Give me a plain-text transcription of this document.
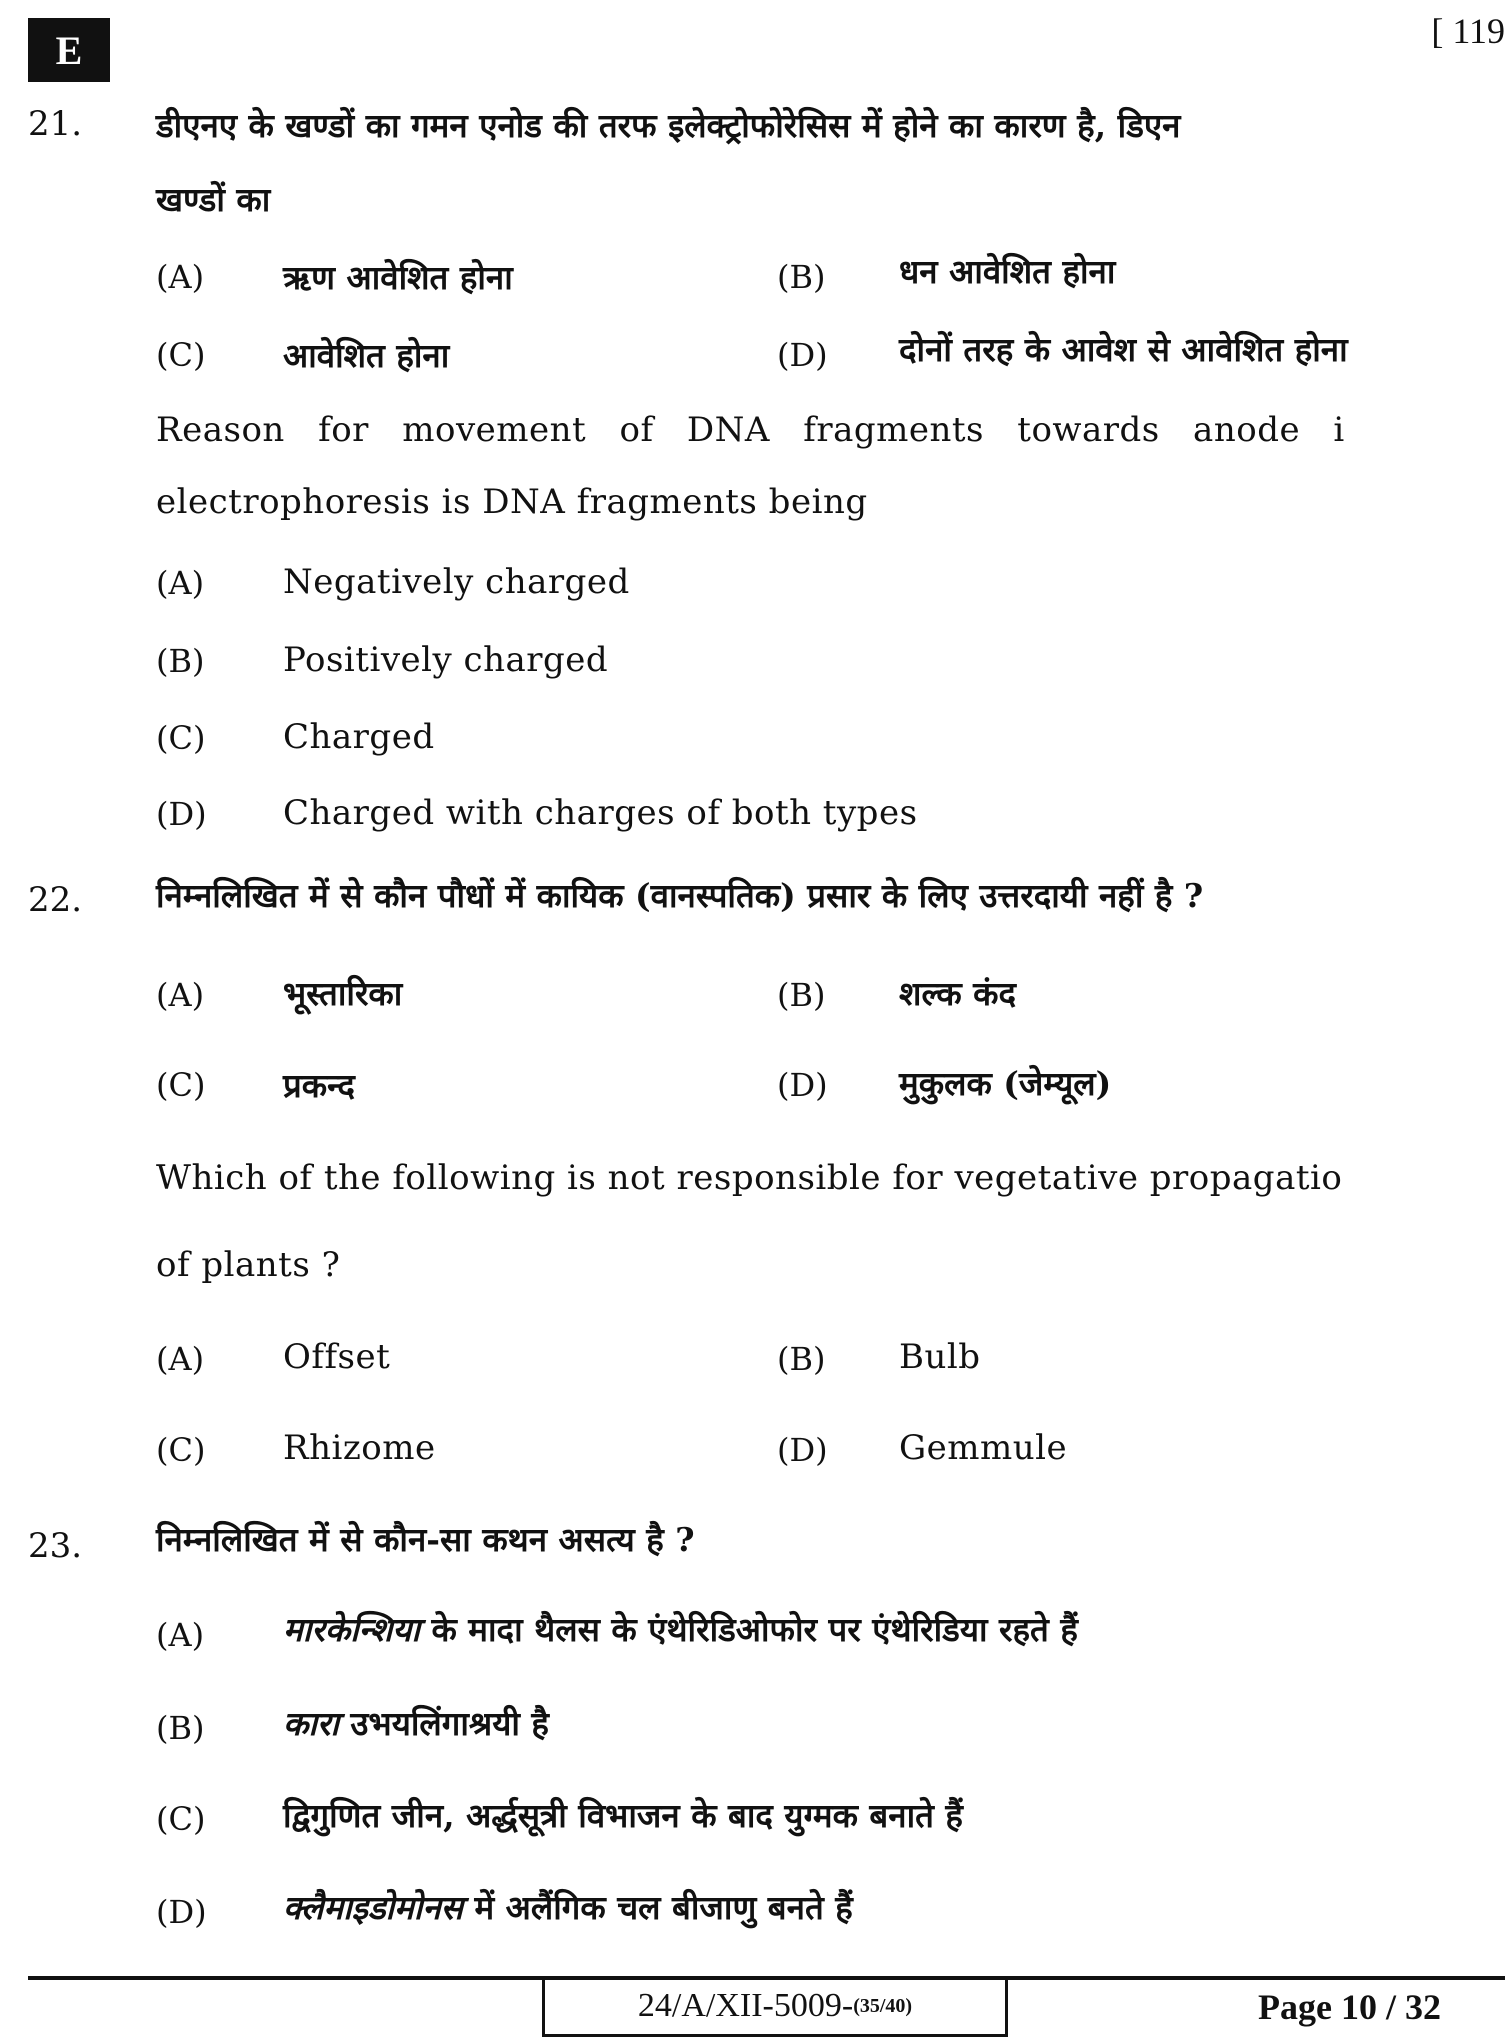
E	[ 119
21. डीएनए के खण्डों का गमन एनोड की तरफ इलेक्ट्रोफोरेसिस में होने का कारण है, डिएन
खण्डों का
(A) ऋण आवेशित होना	(B) धन आवेशित होना
(C) आवेशित होना	(D) दोनों तरह के आवेश से आवेशित होना
Reason for movement of DNA fragments towards anode i
electrophoresis is DNA fragments being
(A) Negatively charged
(B) Positively charged
(C) Charged
(D) Charged with charges of both types
22. निम्नलिखित में से कौन पौधों में कायिक (वानस्पतिक) प्रसार के लिए उत्तरदायी नहीं है ?
(A) भूस्तारिका	(B) शल्क कंद
(C) प्रकन्द	(D) मुकुलक (जेम्यूल)
Which of the following is not responsible for vegetative propagatio
of plants ?
(A) Offset	(B) Bulb
(C) Rhizome	(D) Gemmule
23. निम्नलिखित में से कौन-सा कथन असत्य है ?
(A) मारकेन्शिया के मादा थैलस के एंथेरिडिओफोर पर एंथेरिडिया रहते हैं
(B) कारा उभयलिंगाश्रयी है
(C) द्विगुणित जीन, अर्द्धसूत्री विभाजन के बाद युग्मक बनाते हैं
(D) क्लैमाइडोमोनस में अलैंगिक चल बीजाणु बनते हैं
24/A/XII-5009- (35/40)	Page 10 / 32
